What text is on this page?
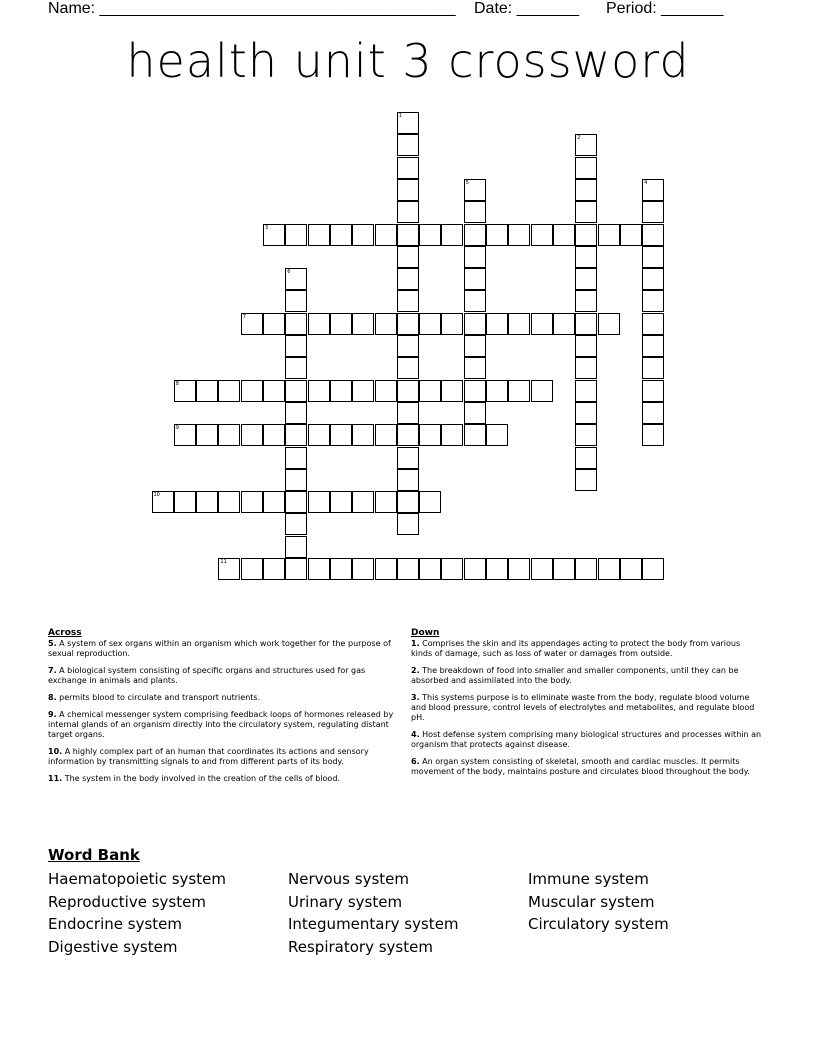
Name: ________________________________________ Date: _______ Period: _______
health unit 3 crossword
1
2
3
4
5
6
7
8
9
10
11
Across
5. A system of sex organs within an organism which work together for the purpose of sexual reproduction.
7. A biological system consisting of specific organs and structures used for gas exchange in animals and plants.
8. permits blood to circulate and transport nutrients.
9. A chemical messenger system comprising feedback loops of hormones released by internal glands of an organism directly into the circulatory system, regulating distant target organs.
10. A highly complex part of an human that coordinates its actions and sensory information by transmitting signals to and from different parts of its body.
11. The system in the body involved in the creation of the cells of blood.
Down
1. Comprises the skin and its appendages acting to protect the body from various kinds of damage, such as loss of water or damages from outside.
2. The breakdown of food into smaller and smaller components, until they can be absorbed and assimilated into the body.
3. This systems purpose is to eliminate waste from the body, regulate blood volume and blood pressure, control levels of electrolytes and metabolites, and regulate blood pH.
4. Host defense system comprising many biological structures and processes within an organism that protects against disease.
6. An organ system consisting of skeletal, smooth and cardiac muscles. It permits movement of the body, maintains posture and circulates blood throughout the body.
Word Bank
Haematopoietic system
Reproductive system
Endocrine system
Digestive system
Nervous system
Urinary system
Integumentary system
Respiratory system
Immune system
Muscular system
Circulatory system
